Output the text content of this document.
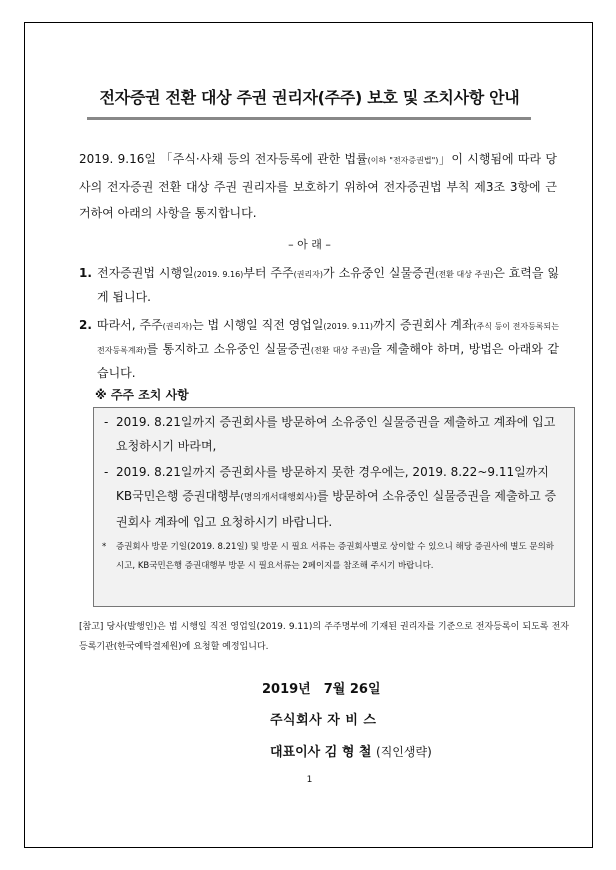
전자증권 전환 대상 주권 권리자(주주) 보호 및 조치사항 안내
2019. 9.16일 「주식·사채 등의 전자등록에 관한 법률(이하 "전자증권법")」이 시행됨에 따라 당사의 전자증권 전환 대상 주권 권리자를 보호하기 위하여 전자증권법 부칙 제3조 3항에 근거하여 아래의 사항을 통지합니다.
– 아 래 –
1. 전자증권법 시행일(2019. 9.16)부터 주주(권리자)가 소유중인 실물증권(전환 대상 주권)은 효력을 잃게 됩니다.
2. 따라서, 주주(권리자)는 법 시행일 직전 영업일(2019. 9.11)까지 증권회사 계좌(주식 등이 전자등록되는 전자등록계좌)를 통지하고 소유중인 실물증권(전환 대상 주권)을 제출해야 하며, 방법은 아래와 같습니다.
※ 주주 조치 사항
- 2019. 8.21일까지 증권회사를 방문하여 소유중인 실물증권을 제출하고 계좌에 입고 요청하시기 바라며,
- 2019. 8.21일까지 증권회사를 방문하지 못한 경우에는, 2019. 8.22~9.11일까지 KB국민은행 증권대행부(명의개서대행회사)를 방문하여 소유중인 실물증권을 제출하고 증권회사 계좌에 입고 요청하시기 바랍니다.
* 증권회사 방문 기일(2019. 8.21일) 및 방문 시 필요 서류는 증권회사별로 상이할 수 있으니 해당 증권사에 별도 문의하시고, KB국민은행 증권대행부 방문 시 필요서류는 2페이지를 참조해 주시기 바랍니다.
[참고] 당사(발행인)은 법 시행일 직전 영업일(2019. 9.11)의 주주명부에 기재된 권리자를 기준으로 전자등록이 되도록 전자등록기관(한국예탁결제원)에 요청할 예정입니다.
2019년　7월 26일
주식회사 자 비 스
대표이사 김 형 철 (직인생략)
1
